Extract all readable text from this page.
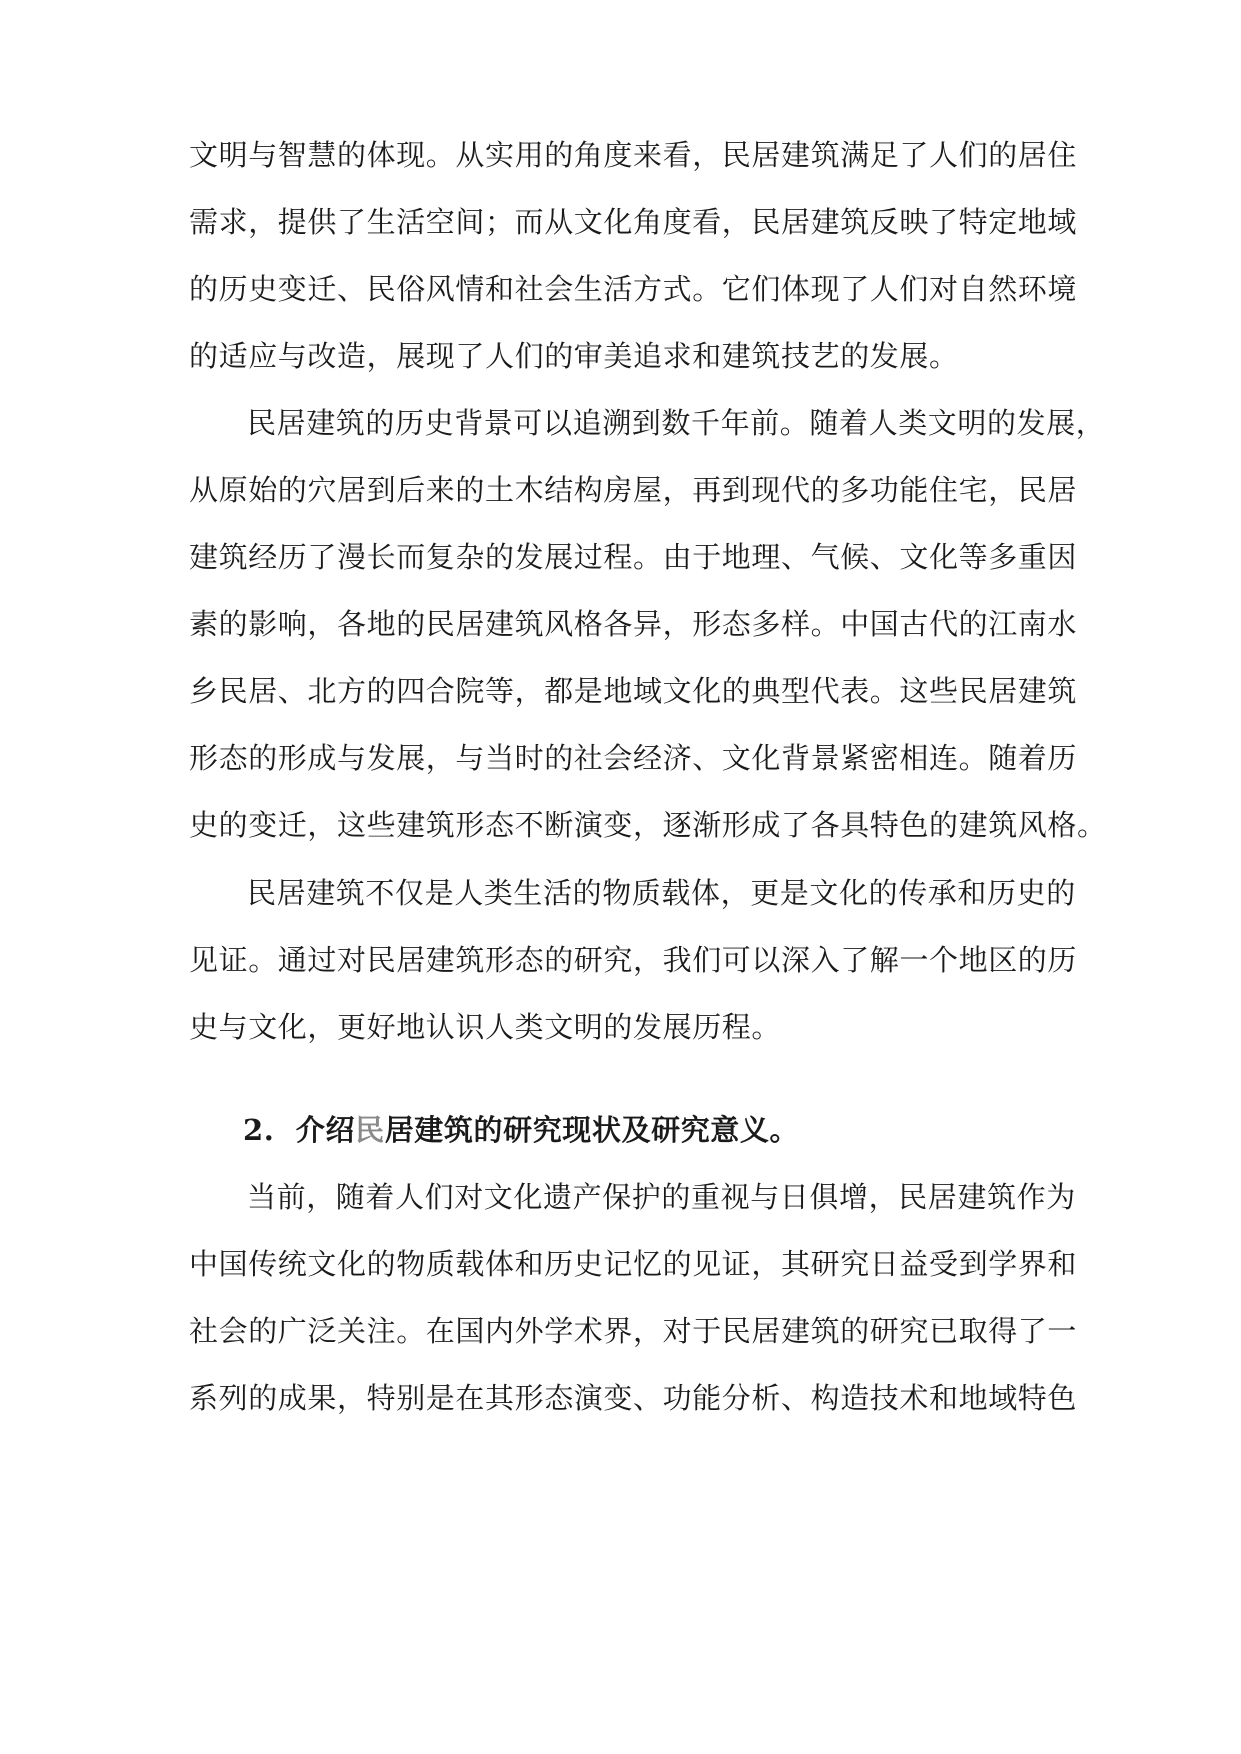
文明与智慧的体现。从实用的角度来看，民居建筑满足了人们的居住
需求，提供了生活空间；而从文化角度看，民居建筑反映了特定地域
的历史变迁、民俗风情和社会生活方式。它们体现了人们对自然环境
的适应与改造，展现了人们的审美追求和建筑技艺的发展。
民居建筑的历史背景可以追溯到数千年前。随着人类文明的发展，
从原始的穴居到后来的土木结构房屋，再到现代的多功能住宅，民居
建筑经历了漫长而复杂的发展过程。由于地理、气候、文化等多重因
素的影响，各地的民居建筑风格各异，形态多样。中国古代的江南水
乡民居、北方的四合院等，都是地域文化的典型代表。这些民居建筑
形态的形成与发展，与当时的社会经济、文化背景紧密相连。随着历
史的变迁，这些建筑形态不断演变，逐渐形成了各具特色的建筑风格。
民居建筑不仅是人类生活的物质载体，更是文化的传承和历史的
见证。通过对民居建筑形态的研究，我们可以深入了解一个地区的历
史与文化，更好地认识人类文明的发展历程。
2. 介绍民居建筑的研究现状及研究意义。
当前，随着人们对文化遗产保护的重视与日俱增，民居建筑作为
中国传统文化的物质载体和历史记忆的见证，其研究日益受到学界和
社会的广泛关注。在国内外学术界，对于民居建筑的研究已取得了一
系列的成果，特别是在其形态演变、功能分析、构造技术和地域特色
